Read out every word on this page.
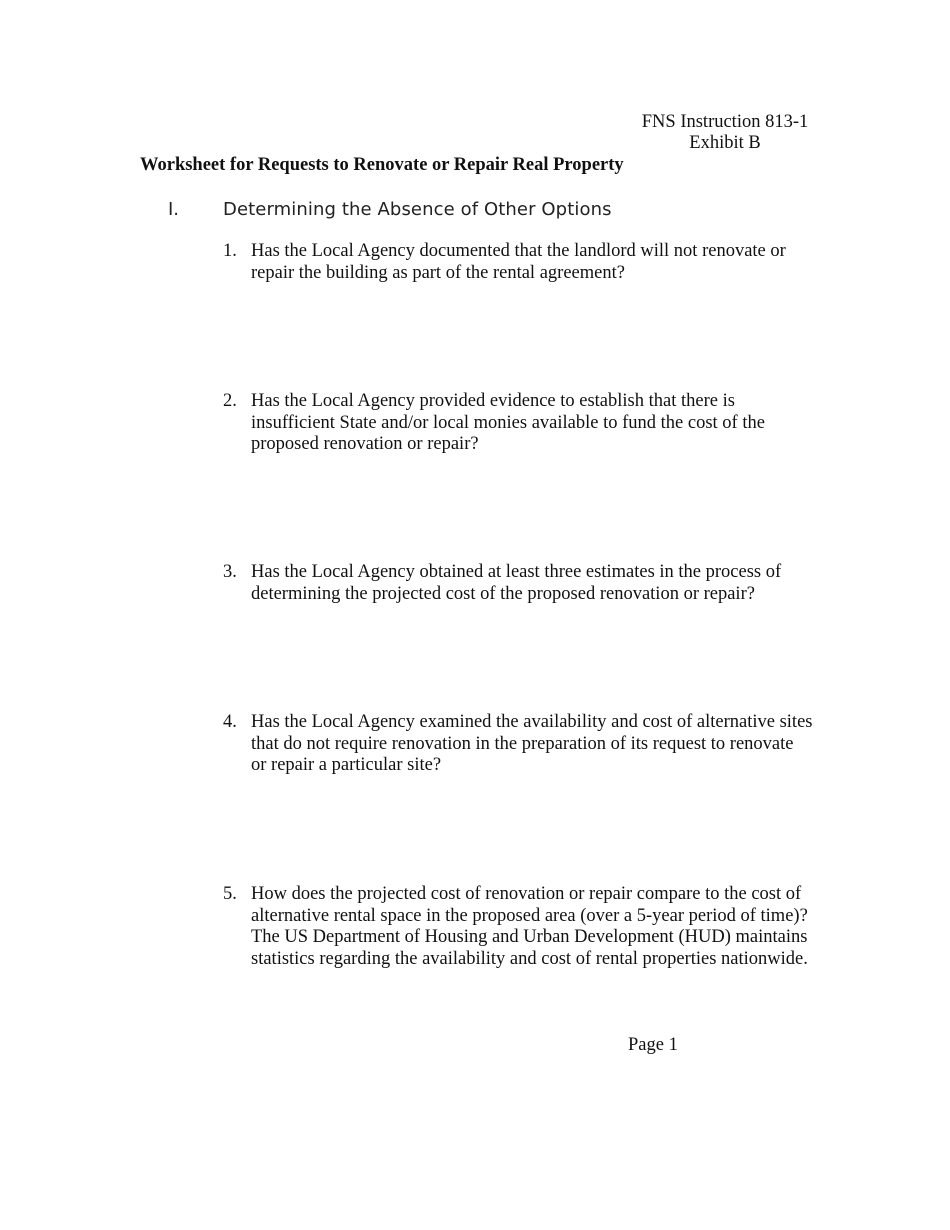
FNS Instruction 813-1
Exhibit B
Worksheet for Requests to Renovate or Repair Real Property
I. Determining the Absence of Other Options
1. Has the Local Agency documented that the landlord will not renovate or repair the building as part of the rental agreement?
2. Has the Local Agency provided evidence to establish that there is insufficient State and/or local monies available to fund the cost of the proposed renovation or repair?
3. Has the Local Agency obtained at least three estimates in the process of determining the projected cost of the proposed renovation or repair?
4. Has the Local Agency examined the availability and cost of alternative sites that do not require renovation in the preparation of its request to renovate or repair a particular site?
5. How does the projected cost of renovation or repair compare to the cost of alternative rental space in the proposed area (over a 5-year period of time)? The US Department of Housing and Urban Development (HUD) maintains statistics regarding the availability and cost of rental properties nationwide.
Page 1
